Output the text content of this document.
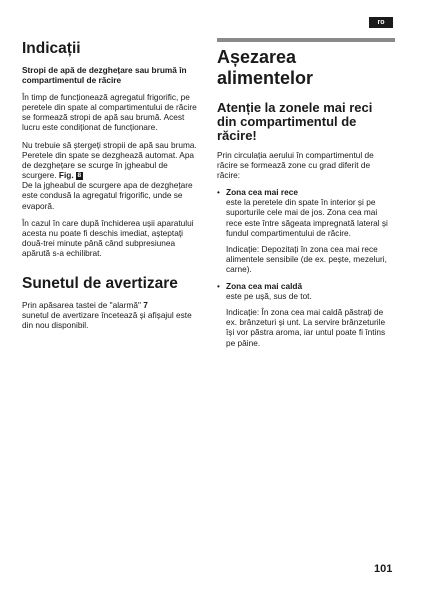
ro
Indicații

Stropi de apă de dezghețare sau brumă în compartimentul de răcire

În timp de funcționează agregatul frigorific, pe peretele din spate al compartimentului de răcire se formează stropi de apă sau brumă. Acest lucru este condiționat de funcționare.

Nu trebuie să ștergeți stropii de apă sau bruma. Peretele din spate se dezghează automat. Apa de dezghețare se scurge în jgheabul de scurgere. Fig. 8
De la jgheabul de scurgere apa de dezghețare este condusă la agregatul frigorific, unde se evaporă.

În cazul în care după închiderea ușii aparatului acesta nu poate fi deschis imediat, așteptați două-trei minute până când subpresiunea apărută s-a echilibrat.

Sunetul de avertizare

Prin apăsarea tastei de "alarmă" 7
sunetul de avertizare încetează și afișajul este din nou disponibil.

Așezarea alimentelor
Atenție la zonele mai reci din compartimentul de răcire!

Prin circulația aerului în compartimentul de răcire se formează zone cu grad diferit de răcire:

• Zona cea mai rece
este la peretele din spate în interior și pe suporturile cele mai de jos. Zona cea mai rece este între săgeata impregnată lateral și fundul compartimentului de răcire.

Indicație: Depozitați în zona cea mai rece alimentele sensibile (de ex. pește, mezeluri, carne).

• Zona cea mai caldă
este pe ușă, sus de tot.

Indicație: În zona cea mai caldă păstrați de ex. brânzeturi și unt. La servire brânzeturile își vor păstra aroma, iar untul poate fi întins pe pâine.

101
